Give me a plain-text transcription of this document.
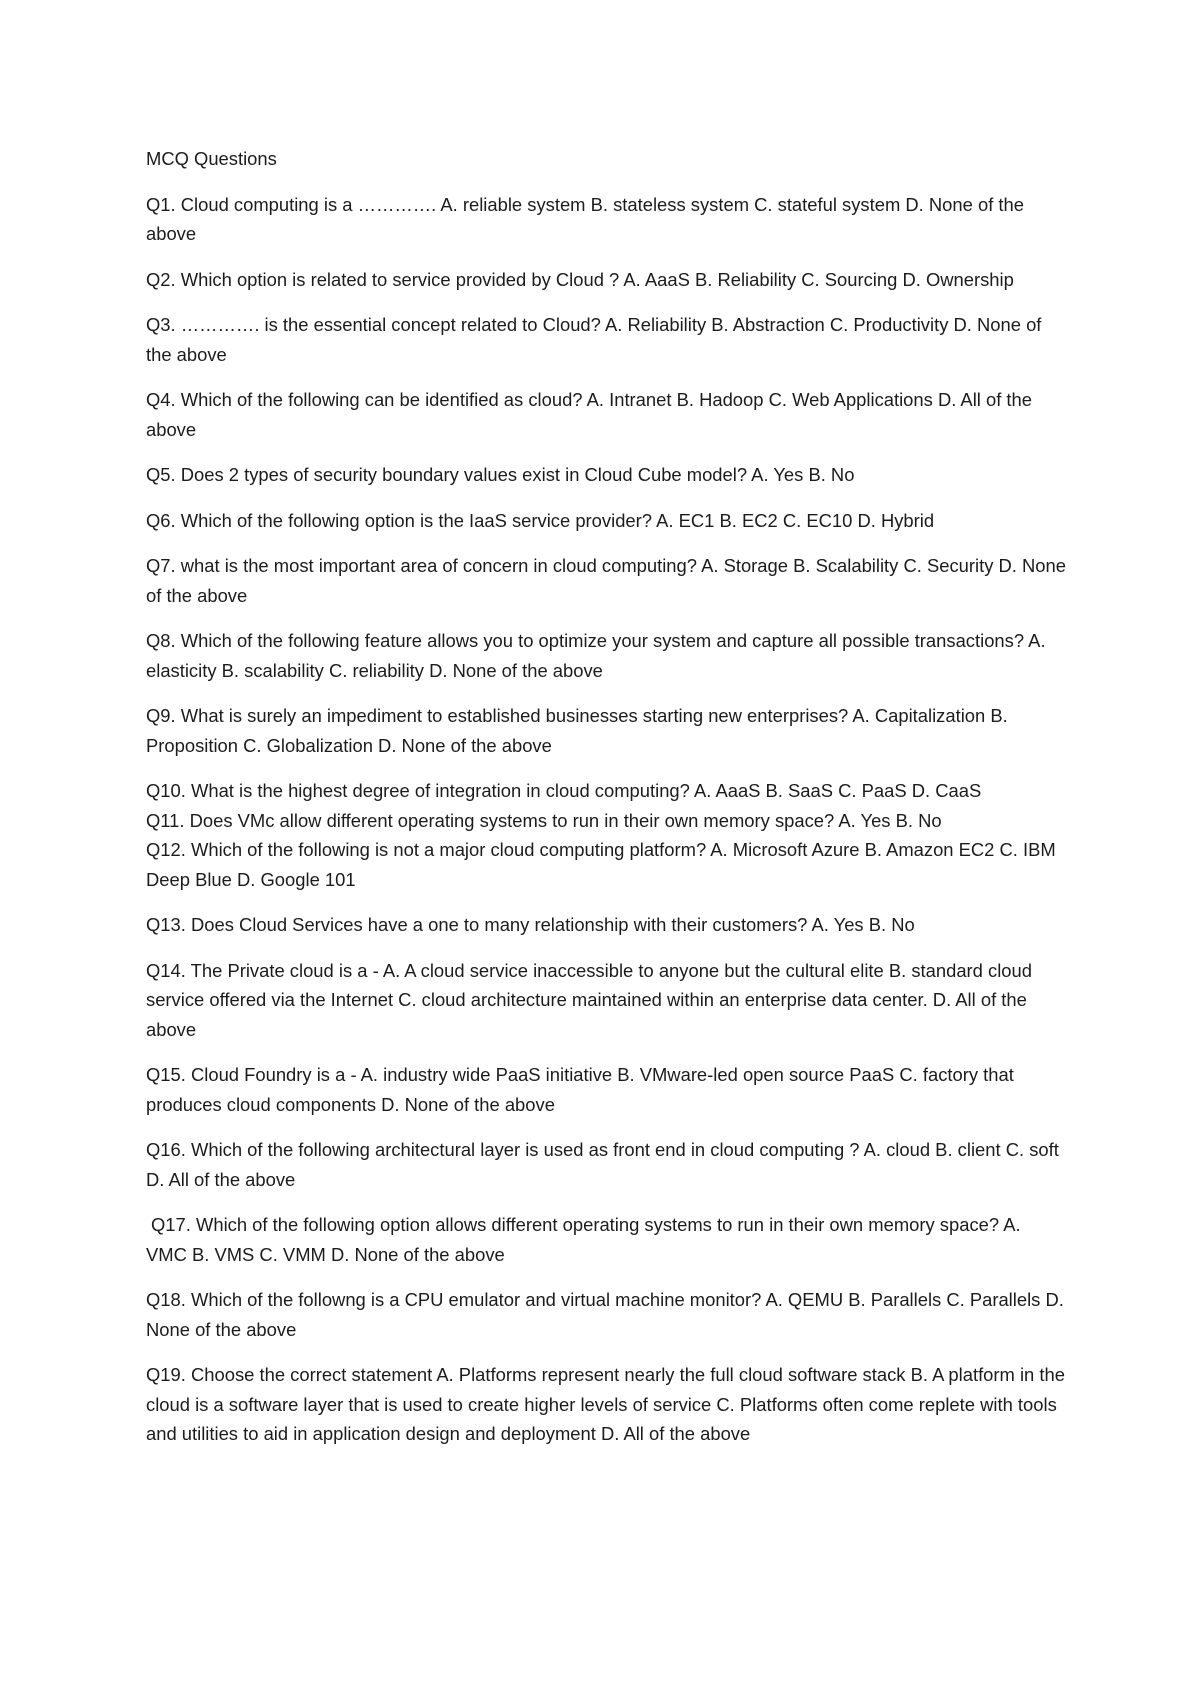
MCQ Questions

Q1. Cloud computing is a …………. A. reliable system B. stateless system C. stateful system D. None of the above

Q2. Which option is related to service provided by Cloud ? A. AaaS B. Reliability C. Sourcing D. Ownership

Q3. …………. is the essential concept related to Cloud? A. Reliability B. Abstraction C. Productivity D. None of the above

Q4. Which of the following can be identified as cloud? A. Intranet B. Hadoop C. Web Applications D. All of the above

Q5. Does 2 types of security boundary values exist in Cloud Cube model? A. Yes B. No

Q6. Which of the following option is the IaaS service provider? A. EC1 B. EC2 C. EC10 D. Hybrid

Q7. what is the most important area of concern in cloud computing? A. Storage B. Scalability C. Security D. None of the above

Q8. Which of the following feature allows you to optimize your system and capture all possible transactions? A. elasticity B. scalability C. reliability D. None of the above

Q9. What is surely an impediment to established businesses starting new enterprises? A. Capitalization B. Proposition C. Globalization D. None of the above

Q10. What is the highest degree of integration in cloud computing? A. AaaS B. SaaS C. PaaS D. CaaS

Q11. Does VMc allow different operating systems to run in their own memory space? A. Yes B. No

Q12. Which of the following is not a major cloud computing platform? A. Microsoft Azure B. Amazon EC2 C. IBM Deep Blue D. Google 101

Q13. Does Cloud Services have a one to many relationship with their customers? A. Yes B. No

Q14. The Private cloud is a - A. A cloud service inaccessible to anyone but the cultural elite B. standard cloud service offered via the Internet C. cloud architecture maintained within an enterprise data center. D. All of the above

Q15. Cloud Foundry is a - A. industry wide PaaS initiative B. VMware-led open source PaaS C. factory that produces cloud components D. None of the above

Q16. Which of the following architectural layer is used as front end in cloud computing ? A. cloud B. client C. soft D. All of the above

Q17. Which of the following option allows different operating systems to run in their own memory space? A. VMC B. VMS C. VMM D. None of the above

Q18. Which of the followng is a CPU emulator and virtual machine monitor? A. QEMU B. Parallels C. Parallels D. None of the above

Q19. Choose the correct statement A. Platforms represent nearly the full cloud software stack B. A platform in the cloud is a software layer that is used to create higher levels of service C. Platforms often come replete with tools and utilities to aid in application design and deployment D. All of the above
